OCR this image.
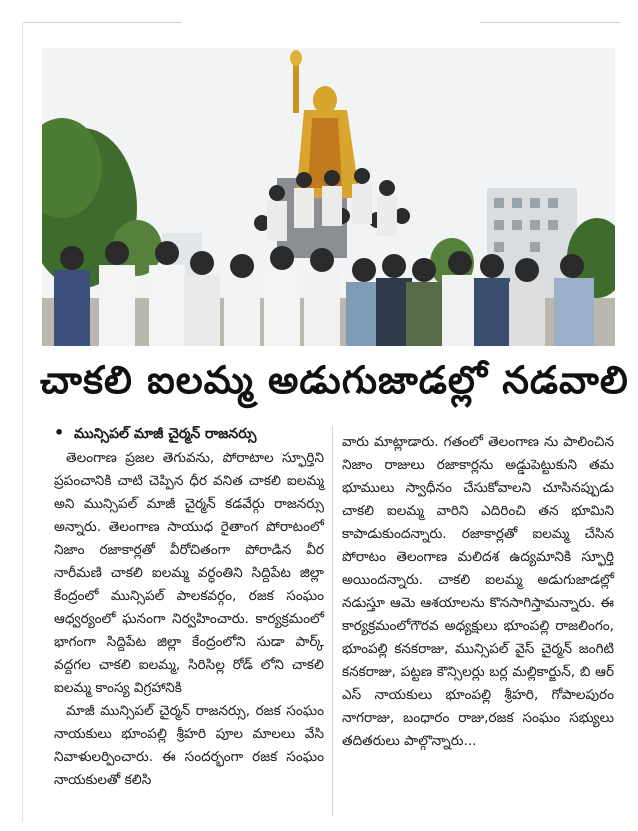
చాకలి ఐలమ్మ అడుగుజాడల్లో నడవాలి
• మున్సిపల్ మాజీ చైర్మన్ రాజనర్సు

తెలంగాణ ప్రజల తెగువను, పోరాటాల స్ఫూర్తిని ప్రపంచానికి చాటి చెప్పిన ధీర వనిత చాకలి ఐలమ్మ అని మున్సిపల్ మాజీ చైర్మన్ కడవేర్గు రాజనర్సు అన్నారు. తెలంగాణ సాయుధ రైతాంగ పోరాటంలో నిజాం రజాకార్లతో వీరోచితంగా పోరాడిన వీర నారీమణి చాకలి ఐలమ్మ వర్ధంతిని సిద్దిపేట జిల్లా కేంద్రంలో మున్సిపల్ పాలకవర్గం, రజక సంఘం ఆధ్వర్యంలో ఘనంగా నిర్వహించారు. కార్యక్రమంలో భాగంగా సిద్దిపేట జిల్లా కేంద్రంలోని సుడా పార్క్ వద్దగల చాకలి ఐలమ్మ, సిరిసిల్ల రోడ్ లోని చాకలి ఐలమ్మ కాంస్య విగ్రహానికి

మాజీ మున్సిపల్ చైర్మన్ రాజనర్సు, రజక సంఘం నాయకులు భూంపల్లి శ్రీహరి పూల మాలలు వేసి నివాళులర్పించారు. ఈ సందర్భంగా రజక సంఘం నాయకులతో కలిసి

వారు మాట్లాడారు. గతంలో తెలంగాణ ను పాలించిన నిజాం రాజులు రజాకార్లను అడ్డుపెట్టుకుని తమ భూములు స్వాధీనం చేసుకోవాలని చూసినప్పుడు చాకలి ఐలమ్మ వారిని ఎదిరించి తన భూమిని కాపాడుకుందన్నారు. రజాకార్లతో ఐలమ్మ చేసిన పోరాటం తెలంగాణ మలిదశ ఉద్యమానికి స్ఫూర్తి అయిందన్నారు. చాకలి ఐలమ్మ అడుగుజాడల్లో నడుస్తూ ఆమె ఆశయాలను కొనసాగిస్తామన్నారు. ఈ కార్యక్రమంలోగౌరవ అధ్యక్షులు భూంపల్లి రాజలింగం, భూంపల్లి కనకరాజు, మున్సిపల్ వైస్ చైర్మన్ జంగిటి కనకరాజు, పట్టణ కౌన్సిలర్లు బర్ల మల్లికార్జున్, బి ఆర్ ఎస్ నాయకులు భూంపల్లి శ్రీహరి, గోపాలపురం నాగరాజు, బంధారం రాజు,రజక సంఘం సభ్యులు తదితరులు పాల్గొన్నారు...
